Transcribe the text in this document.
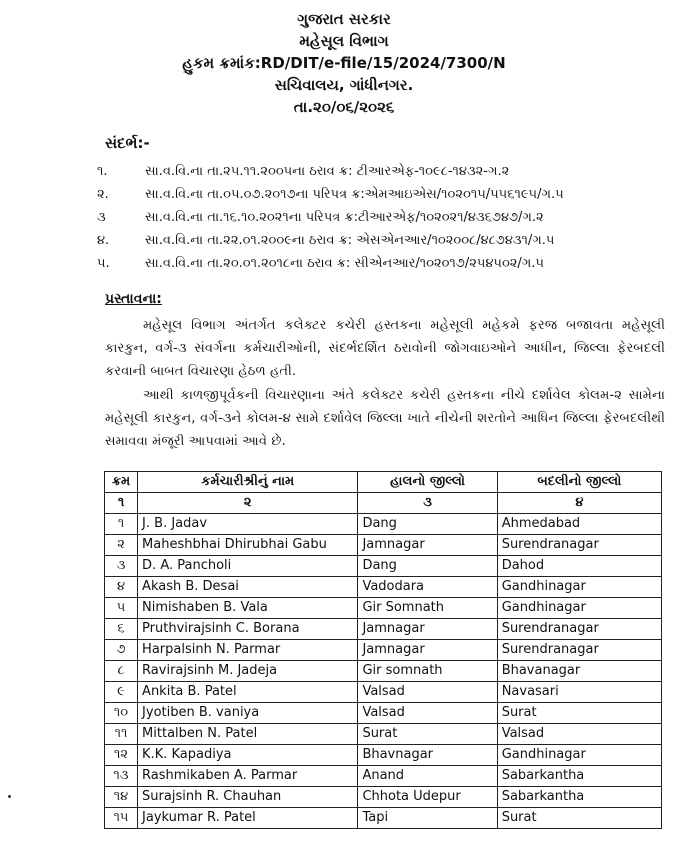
ગુજરાત સરકાર
મહેસૂલ વિભાગ
હુકમ ક્રમાંક:RD/DIT/e-file/15/2024/7300/N
સચિવાલય, ગાંધીનગર.
તા.૨૦/૦૬/૨૦૨૬
સંદર્ભ:-
૧.	સા.વ.વિ.ના તા.૨૫.૧૧.૨૦૦૫ના ઠરાવ ક્ર: ટીઆરએફ-૧૦૯૮-૧૪૩૨-ગ.૨
૨.	સા.વ.વિ.ના તા.૦૫.૦૭.૨૦૧૭ના પરિપત્ર ક્ર:એમઆઇએસ/૧૦૨૦૧૫/૫૫૬૧૯૫/ગ.૫
૩	સા.વ.વિ.ના તા.૧૬.૧૦.૨૦૨૧ના પરિપત્ર ક્ર:ટીઆરએફ/૧૦૨૦૨૧/૪૩૬૭૪૭/ગ.૨
૪.	સા.વ.વિ.ના તા.૨૨.૦૧.૨૦૦૯ના ઠરાવ ક્ર: એસએનઆર/૧૦૨૦૦૮/૪૮૭૪૩૧/ગ.૫
૫.	સા.વ.વિ.ના તા.૨૦.૦૧.૨૦૧૮ના ઠરાવ ક્ર: સીએનઆર/૧૦૨૦૧૭/૨૫૪૫૦૨/ગ.૫
પ્રસ્તાવના:
મહેસૂલ વિભાગ અંતર્ગત કલેક્ટર કચેરી હસ્તકના મહેસૂલી મહેકમે ફરજ બજાવતા મહેસૂલી કારકુન, વર્ગ-૩ સંવર્ગના કર્મચારીઓની, સંદર્ભદર્શિત ઠરાવોની જોગવાઇઓને આધીન, જિલ્લા ફેરબદલી કરવાની બાબત વિચારણા હેઠળ હતી.
આથી કાળજીપૂર્વકની વિચારણાના અંતે કલેક્ટર કચેરી હસ્તકના નીચે દર્શાવેલ કોલમ-૨ સામેના મહેસૂલી કારકુન, વર્ગ-૩ને કોલમ-૪ સામે દર્શાવેલ જિલ્લા ખાતે નીચેની શરતોને આધિન જિલ્લા ફેરબદલીથી સમાવવા મંજૂરી આપવામાં આવે છે.
ક્રમ	કર્મચારીશ્રીનું નામ	હાલનો જીલ્લો	બદલીનો જીલ્લો
૧	૨	૩	૪
૧	J. B. Jadav	Dang	Ahmedabad
૨	Maheshbhai Dhirubhai Gabu	Jamnagar	Surendranagar
૩	D. A. Pancholi	Dang	Dahod
૪	Akash B. Desai	Vadodara	Gandhinagar
૫	Nimishaben B. Vala	Gir Somnath	Gandhinagar
૬	Pruthvirajsinh C. Borana	Jamnagar	Surendranagar
૭	Harpalsinh N. Parmar	Jamnagar	Surendranagar
૮	Ravirajsinh M. Jadeja	Gir somnath	Bhavanagar
૯	Ankita B. Patel	Valsad	Navasari
૧૦	Jyotiben B. vaniya	Valsad	Surat
૧૧	Mittalben N. Patel	Surat	Valsad
૧૨	K.K. Kapadiya	Bhavnagar	Gandhinagar
૧૩	Rashmikaben A. Parmar	Anand	Sabarkantha
૧૪	Surajsinh R. Chauhan	Chhota Udepur	Sabarkantha
૧૫	Jaykumar R. Patel	Tapi	Surat
